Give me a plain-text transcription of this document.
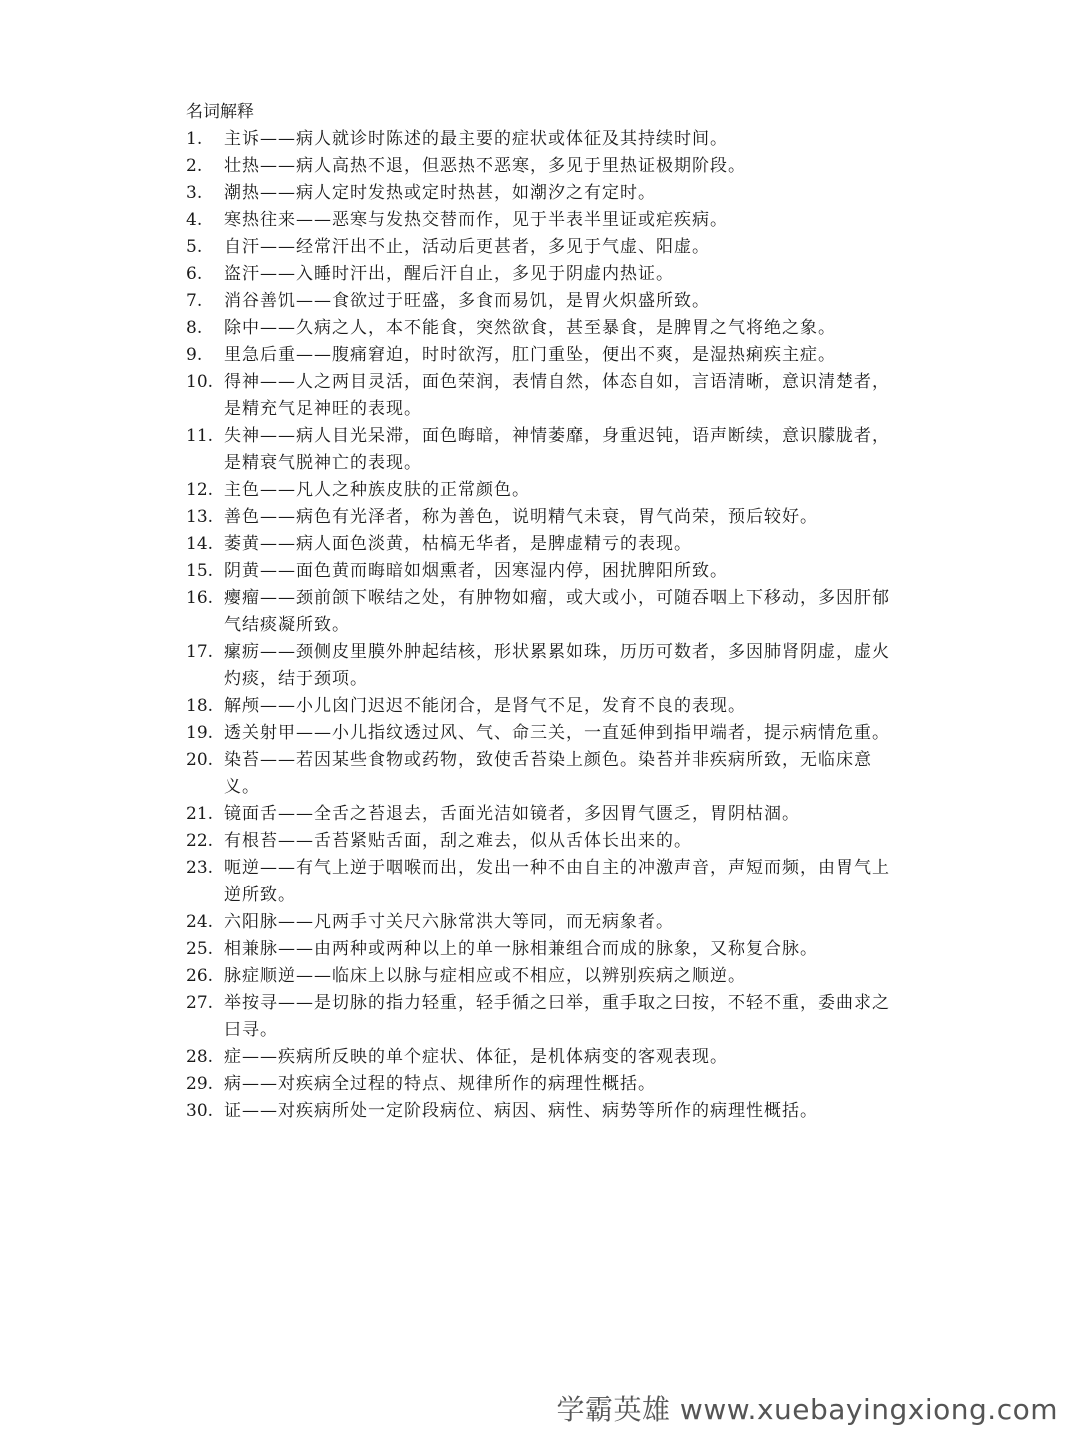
名词解释
1. 主诉——病人就诊时陈述的最主要的症状或体征及其持续时间。
2. 壮热——病人高热不退，但恶热不恶寒，多见于里热证极期阶段。
3. 潮热——病人定时发热或定时热甚，如潮汐之有定时。
4. 寒热往来——恶寒与发热交替而作，见于半表半里证或疟疾病。
5. 自汗——经常汗出不止，活动后更甚者，多见于气虚、阳虚。
6. 盗汗——入睡时汗出，醒后汗自止，多见于阴虚内热证。
7. 消谷善饥——食欲过于旺盛，多食而易饥，是胃火炽盛所致。
8. 除中——久病之人，本不能食，突然欲食，甚至暴食，是脾胃之气将绝之象。
9. 里急后重——腹痛窘迫，时时欲泻，肛门重坠，便出不爽，是湿热痢疾主症。
10. 得神——人之两目灵活，面色荣润，表情自然，体态自如，言语清晰，意识清楚者，是精充气足神旺的表现。
11. 失神——病人目光呆滞，面色晦暗，神情萎靡，身重迟钝，语声断续，意识朦胧者，是精衰气脱神亡的表现。
12. 主色——凡人之种族皮肤的正常颜色。
13. 善色——病色有光泽者，称为善色，说明精气未衰，胃气尚荣，预后较好。
14. 萎黄——病人面色淡黄，枯槁无华者，是脾虚精亏的表现。
15. 阴黄——面色黄而晦暗如烟熏者，因寒湿内停，困扰脾阳所致。
16. 瘿瘤——颈前颌下喉结之处，有肿物如瘤，或大或小，可随吞咽上下移动，多因肝郁气结痰凝所致。
17. 瘰疬——颈侧皮里膜外肿起结核，形状累累如珠，历历可数者，多因肺肾阴虚，虚火灼痰，结于颈项。
18. 解颅——小儿囟门迟迟不能闭合，是肾气不足，发育不良的表现。
19. 透关射甲——小儿指纹透过风、气、命三关，一直延伸到指甲端者，提示病情危重。
20. 染苔——若因某些食物或药物，致使舌苔染上颜色。染苔并非疾病所致，无临床意义。
21. 镜面舌——全舌之苔退去，舌面光洁如镜者，多因胃气匮乏，胃阴枯涸。
22. 有根苔——舌苔紧贴舌面，刮之难去，似从舌体长出来的。
23. 呃逆——有气上逆于咽喉而出，发出一种不由自主的冲激声音，声短而频，由胃气上逆所致。
24. 六阳脉——凡两手寸关尺六脉常洪大等同，而无病象者。
25. 相兼脉——由两种或两种以上的单一脉相兼组合而成的脉象，又称复合脉。
26. 脉症顺逆——临床上以脉与症相应或不相应，以辨别疾病之顺逆。
27. 举按寻——是切脉的指力轻重，轻手循之曰举，重手取之曰按，不轻不重，委曲求之曰寻。
28. 症——疾病所反映的单个症状、体征，是机体病变的客观表现。
29. 病——对疾病全过程的特点、规律所作的病理性概括。
30. 证——对疾病所处一定阶段病位、病因、病性、病势等所作的病理性概括。
学霸英雄 www.xuebayingxiong.com
